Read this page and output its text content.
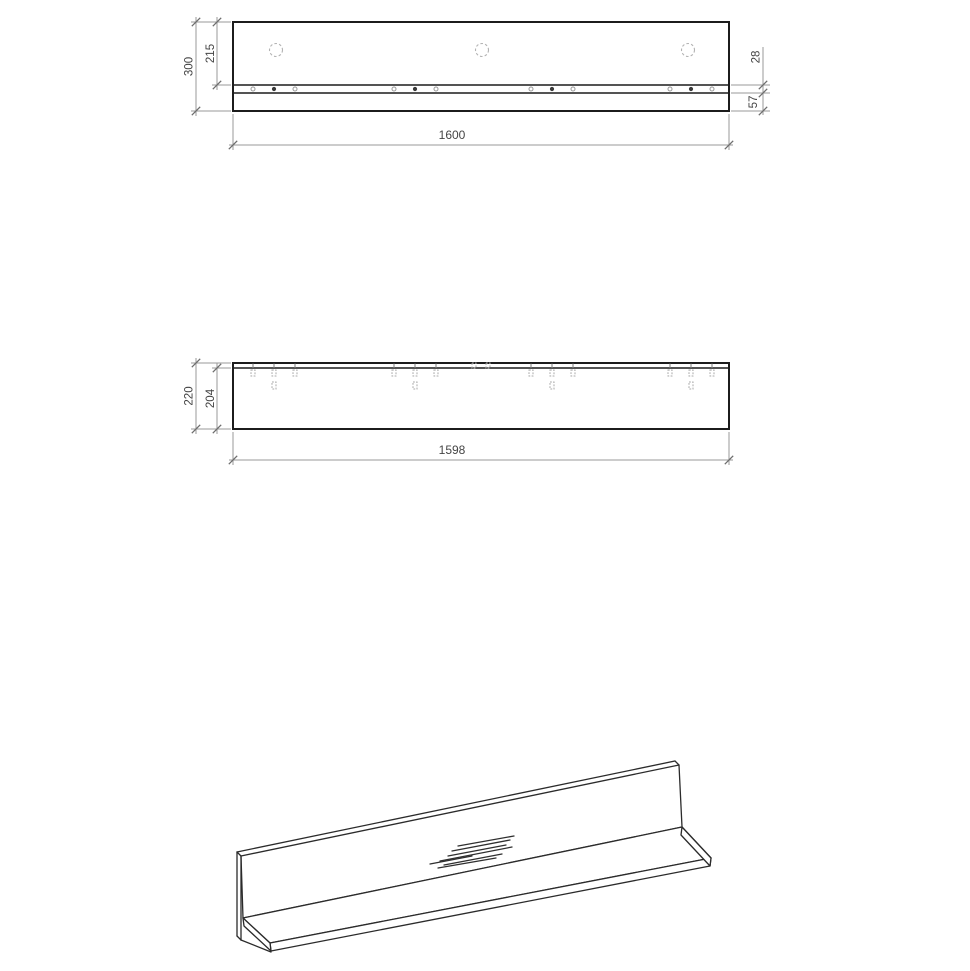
300
215	28
57
1600
220 204
1598
